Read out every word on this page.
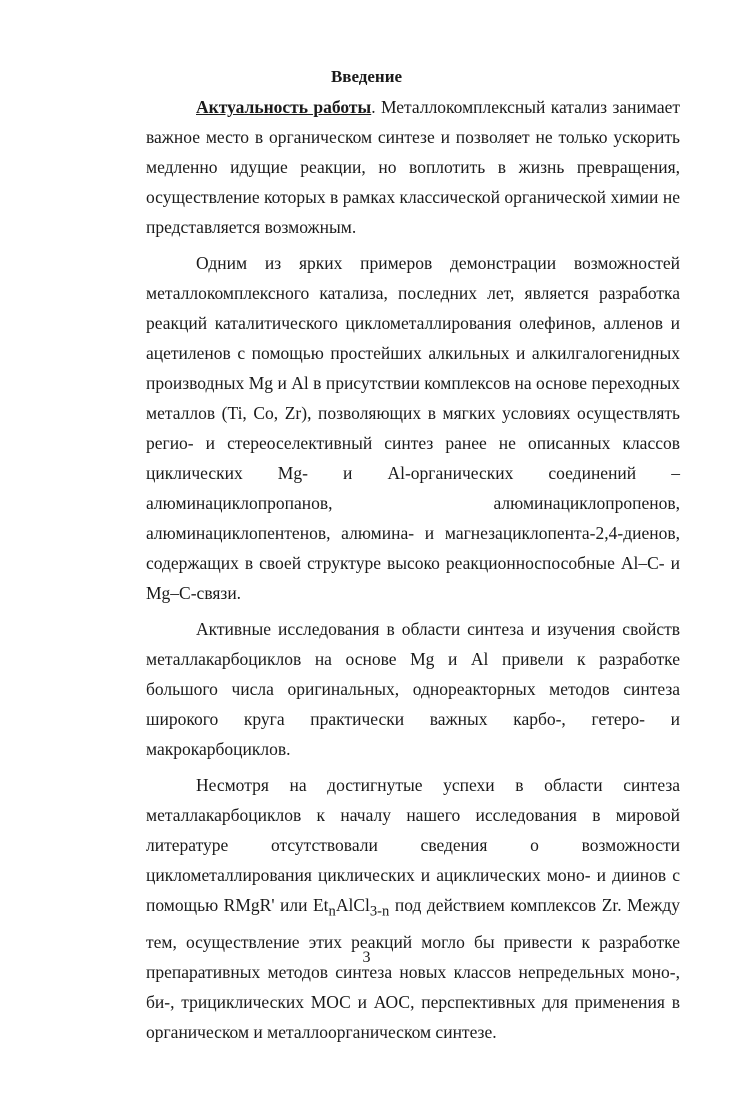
Введение

Актуальность работы. Металлокомплексный катализ занимает важное место в органическом синтезе и позволяет не только ускорить медленно идущие реакции, но воплотить в жизнь превращения, осуществление которых в рамках классической органической химии не представляется возможным.

Одним из ярких примеров демонстрации возможностей металлокомплексного катализа, последних лет, является разработка реакций каталитического циклометаллирования олефинов, алленов и ацетиленов с помощью простейших алкильных и алкилгалогенидных производных Mg и Al в присутствии комплексов на основе переходных металлов (Ti, Co, Zr), позволяющих в мягких условиях осуществлять регио- и стереоселективный синтез ранее не описанных классов циклических Mg- и Al-органических соединений – алюминациклопропанов, алюминациклопропенов, алюминациклопентенов, алюмина- и магнезациклопента-2,4-диенов, содержащих в своей структуре высоко реакционноспособные Al–C- и Mg–C-связи.

Активные исследования в области синтеза и изучения свойств металлакарбоциклов на основе Mg и Al привели к разработке большого числа оригинальных, однореакторных методов синтеза широкого круга практически важных карбо-, гетеро- и макрокарбоциклов.

Несмотря на достигнутые успехи в области синтеза металлакарбоциклов к началу нашего исследования в мировой литературе отсутствовали сведения о возможности циклометаллирования циклических и ациклических моно- и диинов с помощью RMgR' или $Et_nAlCl_{3-n}$ под действием комплексов Zr. Между тем, осуществление этих реакций могло бы привести к разработке препаративных методов синтеза новых классов непредельных моно-, би-, трициклических МОС и АОС, перспективных для применения в органическом и металлоорганическом синтезе.

3
